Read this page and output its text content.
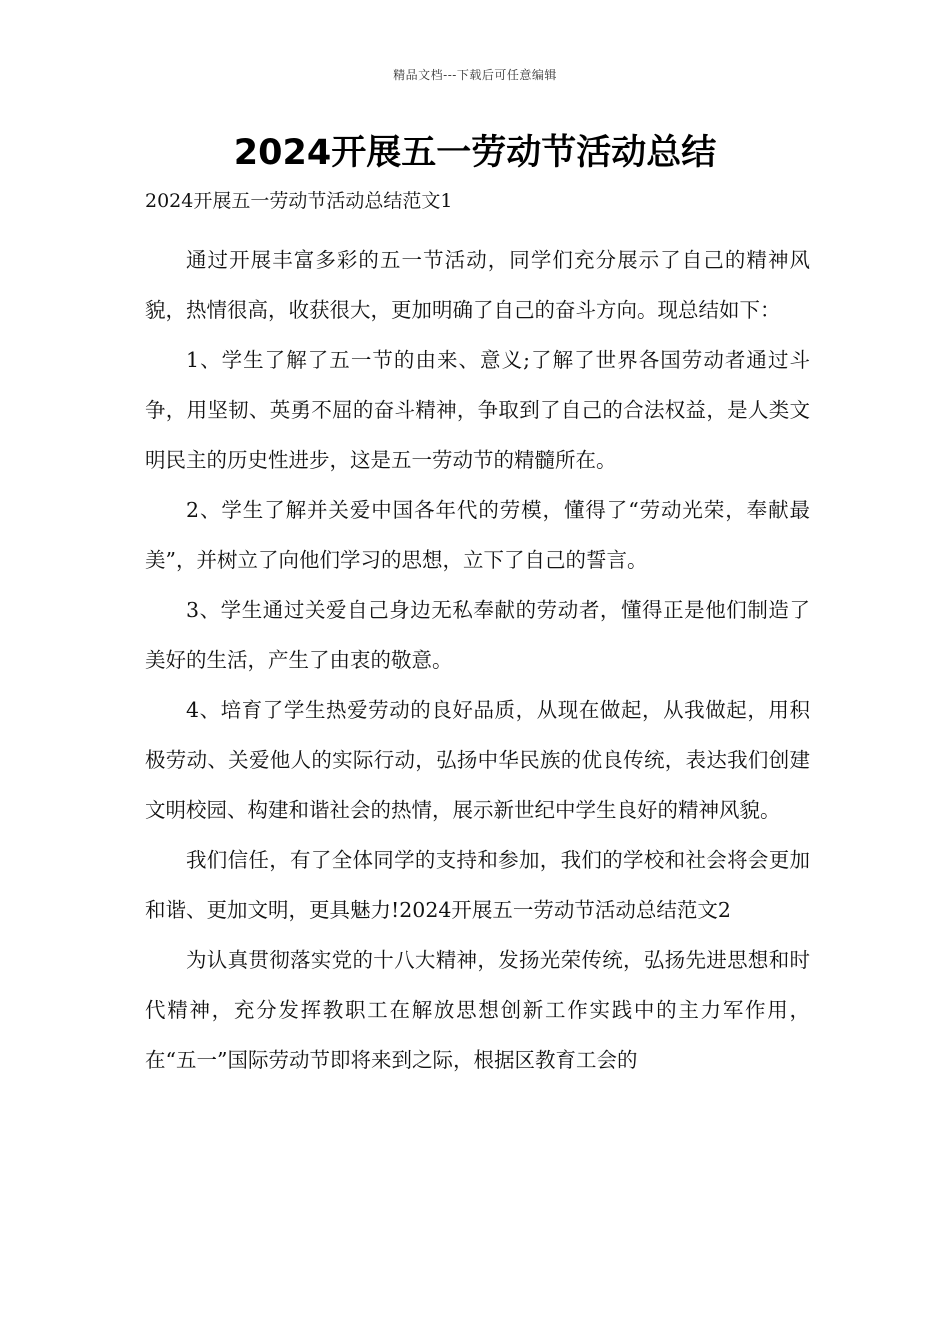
精品文档---下载后可任意编辑
2024开展五一劳动节活动总结

2024开展五一劳动节活动总结范文1

通过开展丰富多彩的五一节活动，同学们充分展示了自己的精神风貌，热情很高，收获很大，更加明确了自己的奋斗方向。现总结如下：

1、学生了解了五一节的由来、意义;了解了世界各国劳动者通过斗争，用坚韧、英勇不屈的奋斗精神，争取到了自己的合法权益，是人类文明民主的历史性进步，这是五一劳动节的精髓所在。

2、学生了解并关爱中国各年代的劳模，懂得了“劳动光荣，奉献最美”，并树立了向他们学习的思想，立下了自己的誓言。

3、学生通过关爱自己身边无私奉献的劳动者，懂得正是他们制造了美好的生活，产生了由衷的敬意。

4、培育了学生热爱劳动的良好品质，从现在做起，从我做起，用积极劳动、关爱他人的实际行动，弘扬中华民族的优良传统，表达我们创建文明校园、构建和谐社会的热情，展示新世纪中学生良好的精神风貌。

我们信任，有了全体同学的支持和参加，我们的学校和社会将会更加和谐、更加文明，更具魅力!2024开展五一劳动节活动总结范文2

为认真贯彻落实党的十八大精神，发扬光荣传统，弘扬先进思想和时代精神，充分发挥教职工在解放思想创新工作实践中的主力军作用，在“五一”国际劳动节即将来到之际，根据区教育工会的
